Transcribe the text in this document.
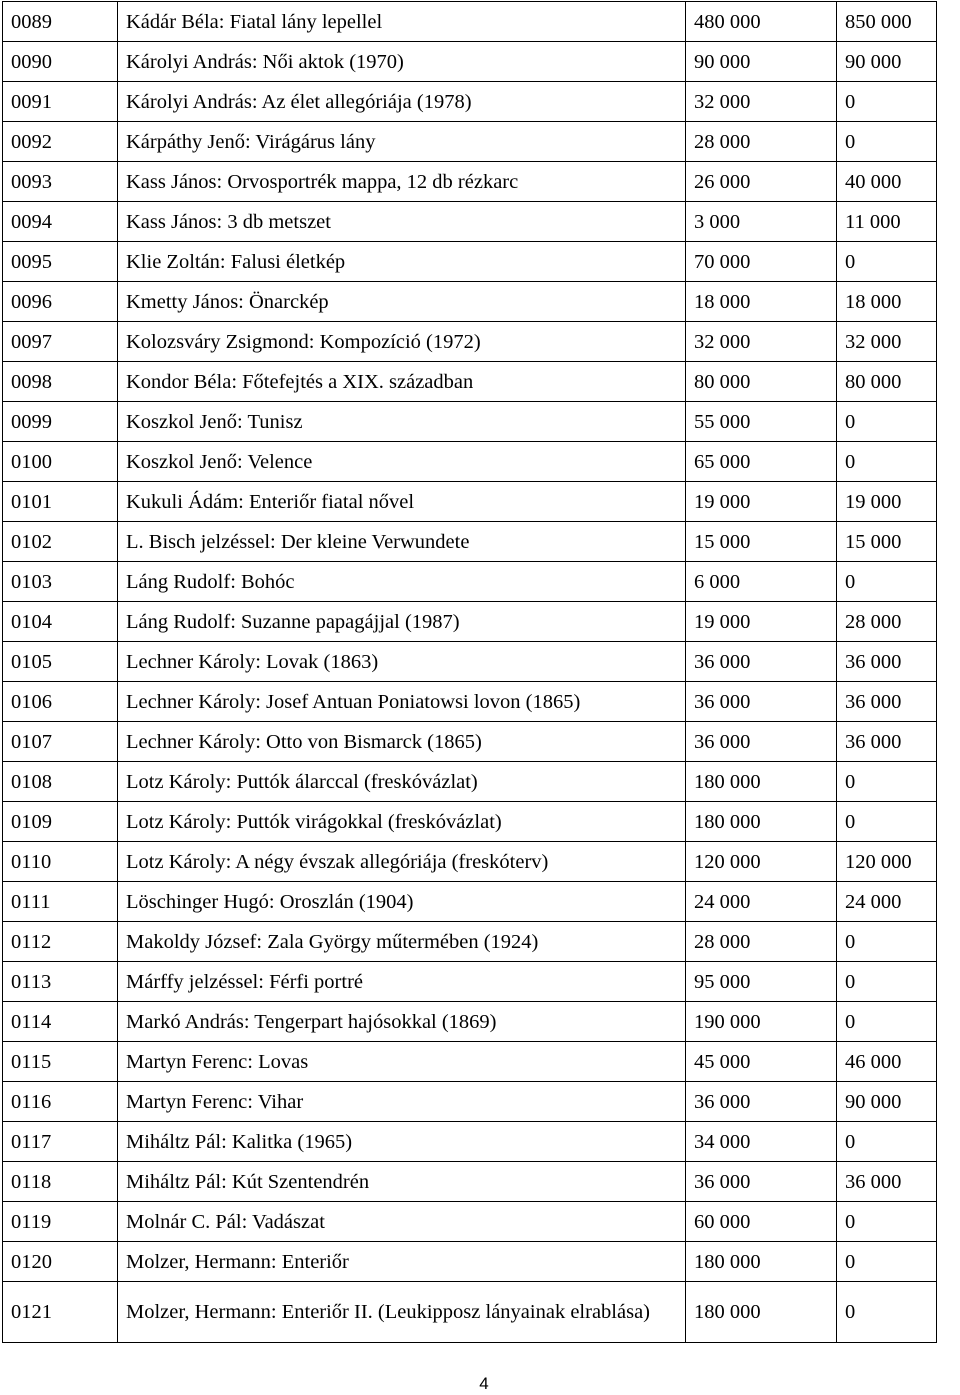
0089	Kádár Béla: Fiatal lány lepellel	480 000	850 000
0090	Károlyi András: Női aktok (1970)	90 000	90 000
0091	Károlyi András: Az élet allegóriája (1978)	32 000	0
0092	Kárpáthy Jenő: Virágárus lány	28 000	0
0093	Kass János: Orvosportrék mappa, 12 db rézkarc	26 000	40 000
0094	Kass János: 3 db metszet	3 000	11 000
0095	Klie Zoltán: Falusi életkép	70 000	0
0096	Kmetty János: Önarckép	18 000	18 000
0097	Kolozsváry Zsigmond: Kompozíció (1972)	32 000	32 000
0098	Kondor Béla: Főtefejtés a XIX. században	80 000	80 000
0099	Koszkol Jenő: Tunisz	55 000	0
0100	Koszkol Jenő: Velence	65 000	0
0101	Kukuli Ádám: Enteriőr fiatal nővel	19 000	19 000
0102	L. Bisch jelzéssel: Der kleine Verwundete	15 000	15 000
0103	Láng Rudolf: Bohóc	6 000	0
0104	Láng Rudolf: Suzanne papagájjal (1987)	19 000	28 000
0105	Lechner Károly: Lovak (1863)	36 000	36 000
0106	Lechner Károly: Josef Antuan Poniatowsi lovon (1865)	36 000	36 000
0107	Lechner Károly: Otto von Bismarck (1865)	36 000	36 000
0108	Lotz Károly: Puttók álarccal (freskóvázlat)	180 000	0
0109	Lotz Károly: Puttók virágokkal (freskóvázlat)	180 000	0
0110	Lotz Károly: A négy évszak allegóriája (freskóterv)	120 000	120 000
0111	Löschinger Hugó: Oroszlán (1904)	24 000	24 000
0112	Makoldy József: Zala György műtermében (1924)	28 000	0
0113	Márffy jelzéssel: Férfi portré	95 000	0
0114	Markó András: Tengerpart hajósokkal (1869)	190 000	0
0115	Martyn Ferenc: Lovas	45 000	46 000
0116	Martyn Ferenc: Vihar	36 000	90 000
0117	Miháltz Pál: Kalitka (1965)	34 000	0
0118	Miháltz Pál: Kút Szentendrén	36 000	36 000
0119	Molnár C. Pál: Vadászat	60 000	0
0120	Molzer, Hermann: Enteriőr	180 000	0
0121	Molzer, Hermann: Enteriőr II. (Leukipposz lányainak elrablása)	180 000	0
4
